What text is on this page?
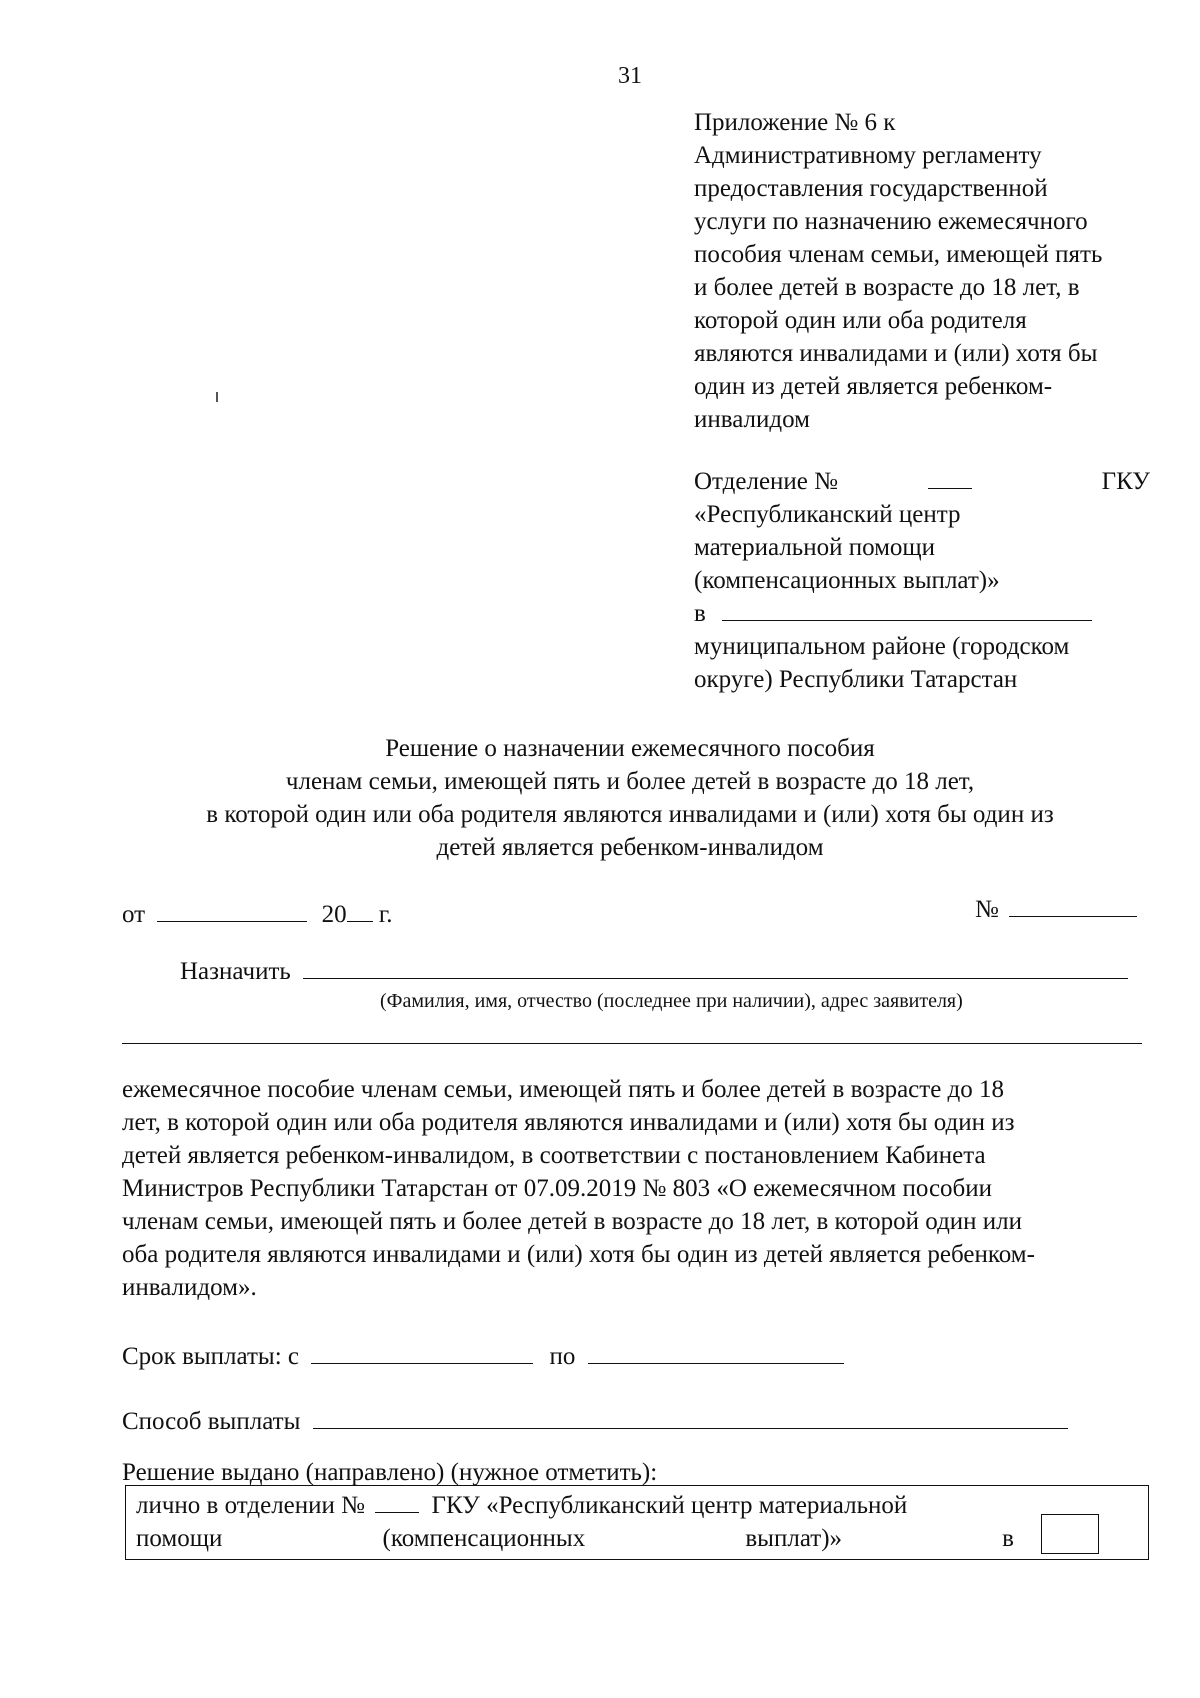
31
Приложение № 6 к
Административному регламенту
предоставления государственной
услуги по назначению ежемесячного
пособия членам семьи, имеющей пять
и более детей в возрасте до 18 лет, в
которой один или оба родителя
являются инвалидами и (или) хотя бы
один из детей является ребенком-
инвалидом
Отделение №	ГКУ
«Республиканский центр
материальной помощи
(компенсационных выплат)»
в
муниципальном районе (городском
округе) Республики Татарстан
Решение о назначении ежемесячного пособия
членам семьи, имеющей пять и более детей в возрасте до 18 лет,
в которой один или оба родителя являются инвалидами и (или) хотя бы один из
детей является ребенком-инвалидом
от	20 г.	№
Назначить
(Фамилия, имя, отчество (последнее при наличии), адрес заявителя)
ежемесячное пособие членам семьи, имеющей пять и более детей в возрасте до 18
лет, в которой один или оба родителя являются инвалидами и (или) хотя бы один из
детей является ребенком-инвалидом, в соответствии с постановлением Кабинета
Министров Республики Татарстан от 07.09.2019 № 803 «О ежемесячном пособии
членам семьи, имеющей пять и более детей в возрасте до 18 лет, в которой один или
оба родителя являются инвалидами и (или) хотя бы один из детей является ребенком-
инвалидом».
Срок выплаты: с	по
Способ выплаты
Решение выдано (направлено) (нужное отметить):
лично в отделении №	ГКУ «Республиканский центр материальной
помощи (компенсационных выплат)» в
